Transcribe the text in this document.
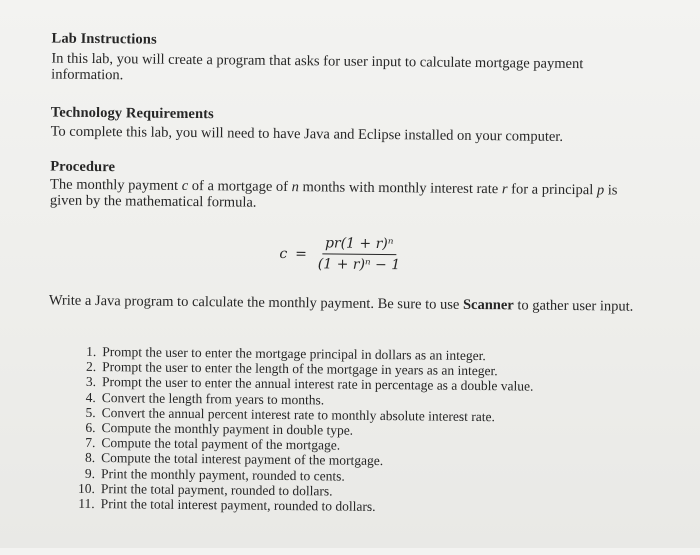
Lab Instructions
In this lab, you will create a program that asks for user input to calculate mortgage payment information.
Technology Requirements
To complete this lab, you will need to have Java and Eclipse installed on your computer.
Procedure
The monthly payment c of a mortgage of n months with monthly interest rate r for a principal p is given by the mathematical formula.
$c = \frac{\text{pr(1 + r)ⁿ}}{\text{(1 + r)ⁿ − 1}}$
Write a Java program to calculate the monthly payment. Be sure to use Scanner to gather user input.
1. Prompt the user to enter the mortgage principal in dollars as an integer.
2. Prompt the user to enter the length of the mortgage in years as an integer.
3. Prompt the user to enter the annual interest rate in percentage as a double value.
4. Convert the length from years to months.
5. Convert the annual percent interest rate to monthly absolute interest rate.
6. Compute the monthly payment in double type.
7. Compute the total payment of the mortgage.
8. Compute the total interest payment of the mortgage.
9. Print the monthly payment, rounded to cents.
10. Print the total payment, rounded to dollars.
11. Print the total interest payment, rounded to dollars.
